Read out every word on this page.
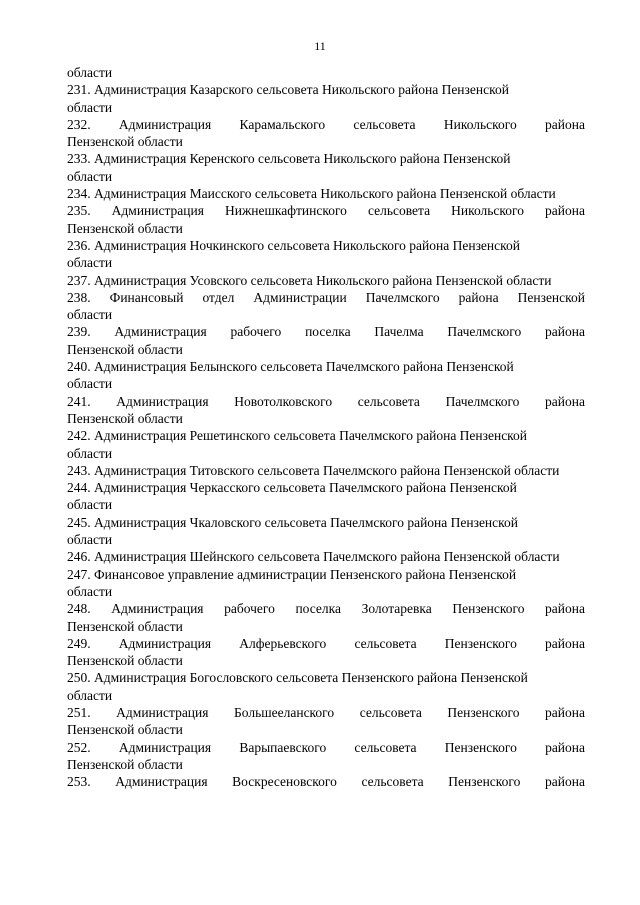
11
области
231. Администрация Казарского сельсовета Никольского района Пензенской
области
232. Администрация Карамальского сельсовета Никольского района
Пензенской области
233. Администрация Керенского сельсовета Никольского района Пензенской
области
234. Администрация Маисского сельсовета Никольского района Пензенской области
235. Администрация Нижнешкафтинского сельсовета Никольского района
Пензенской области
236. Администрация Ночкинского сельсовета Никольского района Пензенской
области
237. Администрация Усовского сельсовета Никольского района Пензенской области
238. Финансовый отдел Администрации Пачелмского района Пензенской
области
239. Администрация рабочего поселка Пачелма Пачелмского района
Пензенской области
240. Администрация Белынского сельсовета Пачелмского района Пензенской
области
241. Администрация Новотолковского сельсовета Пачелмского района
Пензенской области
242. Администрация Решетинского сельсовета Пачелмского района Пензенской
области
243. Администрация Титовского сельсовета Пачелмского района Пензенской области
244. Администрация Черкасского сельсовета Пачелмского района Пензенской
области
245. Администрация Чкаловского сельсовета Пачелмского района Пензенской
области
246. Администрация Шейнского сельсовета Пачелмского района Пензенской области
247. Финансовое управление администрации Пензенского района Пензенской
области
248. Администрация рабочего поселка Золотаревка Пензенского района
Пензенской области
249. Администрация Алферьевского сельсовета Пензенского района
Пензенской области
250. Администрация Богословского сельсовета Пензенского района Пензенской
области
251. Администрация Большееланского сельсовета Пензенского района
Пензенской области
252. Администрация Варыпаевского сельсовета Пензенского района
Пензенской области
253. Администрация Воскресеновского сельсовета Пензенского района
